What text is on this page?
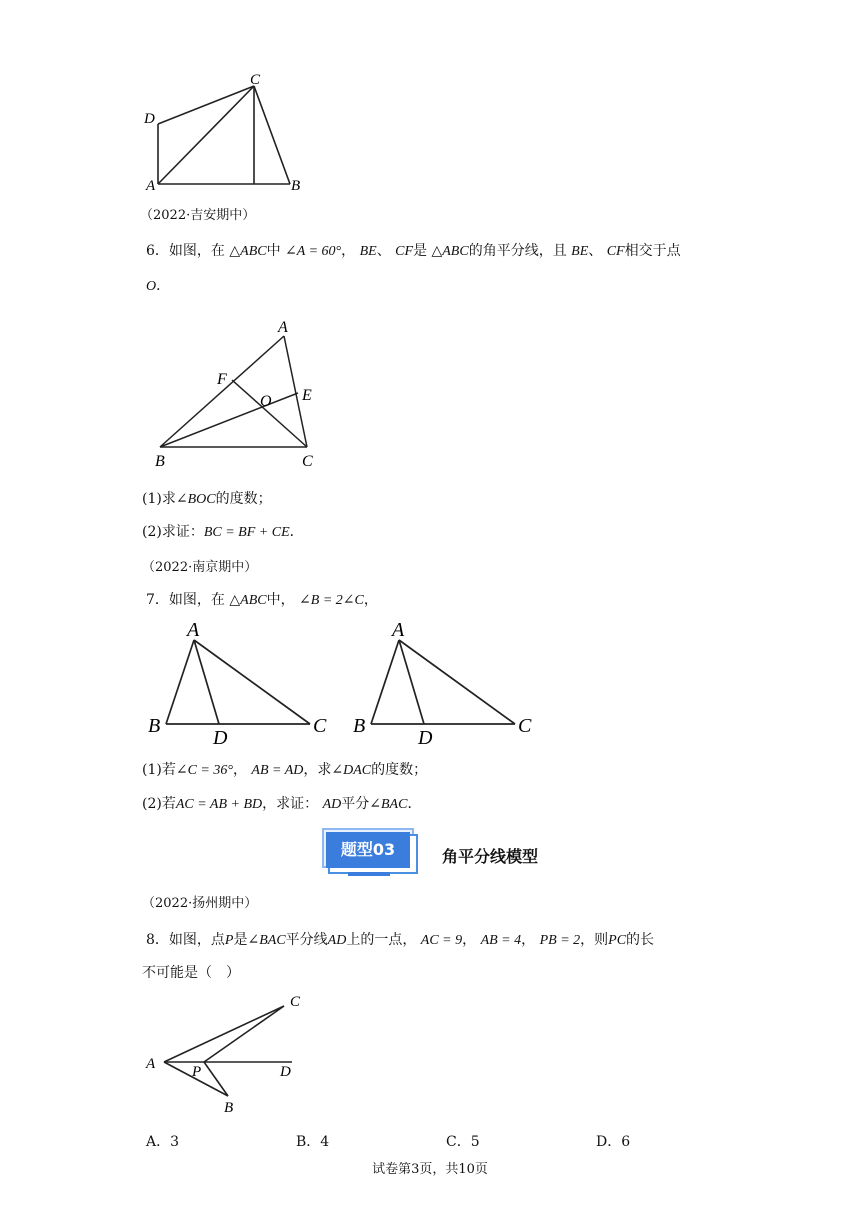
C
D
A	B
（2022·吉安期中）
6．如图，在 △ABC中 ∠A = 60°， BE、 CF是 △ABC的角平分线，且 BE、 CF相交于点
O．
A
F
O E
B	C
(1)求∠BOC的度数；
(2)求证：BC = BF + CE．
（2022·南京期中）
7．如图，在 △ABC中， ∠B = 2∠C，
A
B	C
D
A
B	C
D
(1)若∠C = 36°， AB = AD，求∠DAC的度数；
(2)若AC = AB + BD，求证： AD平分∠BAC．
题型03	角平分线模型
（2022·扬州期中）
8．如图，点P是∠BAC平分线AD上的一点， AC = 9， AB = 4， PB = 2，则PC的长
不可能是（　）
A P	D
C
B
A．3	B．4	C．5	D．6
试卷第3页，共10页
